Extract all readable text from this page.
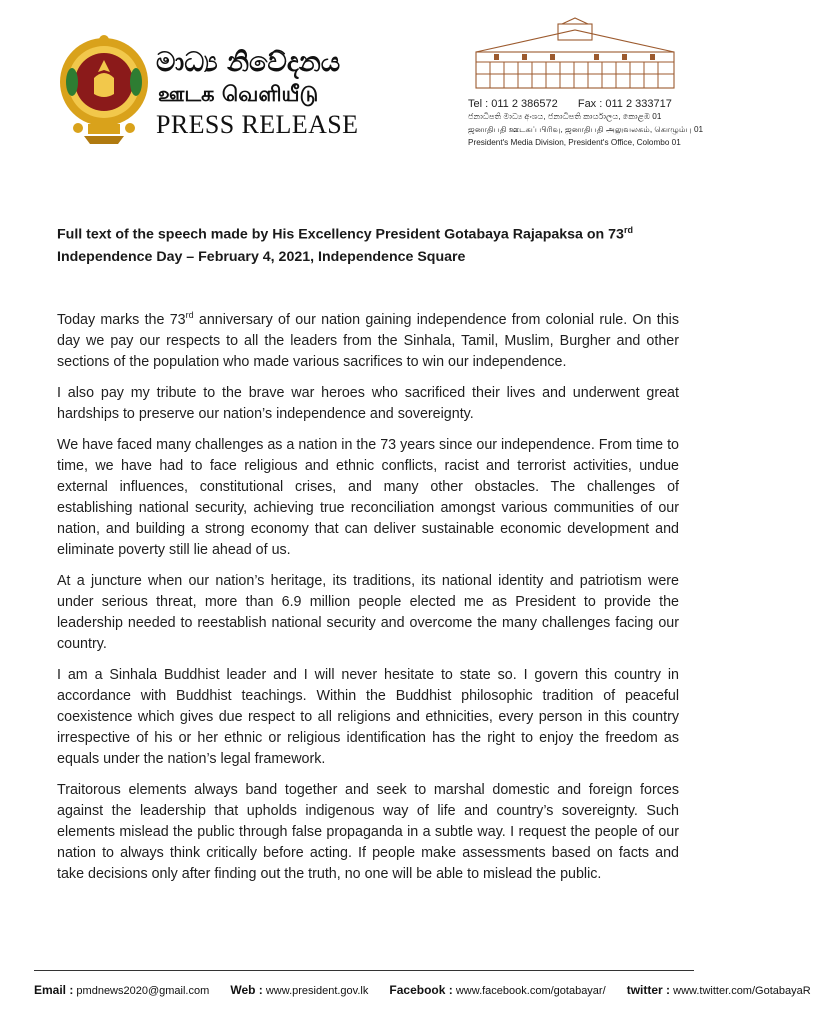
මාධ්‍ය නිවේදනය
ஊடக வெளியீடு
PRESS RELEASE
Tel : 011 2 386572 Fax : 011 2 333717
ජනාධිපති මාධ්‍ය අංශය, ජනාධිපති කාර්යාලය, කොළඹ 01
ஜனாதிபதி ஊடகப் பிரிவு, ஜனாதிபதி அலுவலகம், கொழும்பு 01
President's Media Division, President's Office, Colombo 01
Full text of the speech made by His Excellency President Gotabaya Rajapaksa on 73rd
Independence Day – February 4, 2021, Independence Square

Today marks the 73rd anniversary of our nation gaining independence from colonial rule. On this day we pay our respects to all the leaders from the Sinhala, Tamil, Muslim, Burgher and other sections of the population who made various sacrifices to win our independence.

I also pay my tribute to the brave war heroes who sacrificed their lives and underwent great hardships to preserve our nation’s independence and sovereignty.

We have faced many challenges as a nation in the 73 years since our independence. From time to time, we have had to face religious and ethnic conflicts, racist and terrorist activities, undue external influences, constitutional crises, and many other obstacles. The challenges of establishing national security, achieving true reconciliation amongst various communities of our nation, and building a strong economy that can deliver sustainable economic development and eliminate poverty still lie ahead of us.

At a juncture when our nation’s heritage, its traditions, its national identity and patriotism were under serious threat, more than 6.9 million people elected me as President to provide the leadership needed to reestablish national security and overcome the many challenges facing our country.

I am a Sinhala Buddhist leader and I will never hesitate to state so. I govern this country in accordance with Buddhist teachings. Within the Buddhist philosophic tradition of peaceful coexistence which gives due respect to all religions and ethnicities, every person in this country irrespective of his or her ethnic or religious identification has the right to enjoy the freedom as equals under the nation’s legal framework.

Traitorous elements always band together and seek to marshal domestic and foreign forces against the leadership that upholds indigenous way of life and country’s sovereignty. Such elements mislead the public through false propaganda in a subtle way. I request the people of our nation to always think critically before acting. If people make assessments based on facts and take decisions only after finding out the truth, no one will be able to mislead the public.

Email : pmdnews2020@gmail.com Web : www.president.gov.lk Facebook : www.facebook.com/gotabayar/ twitter : www.twitter.com/GotabayaR
